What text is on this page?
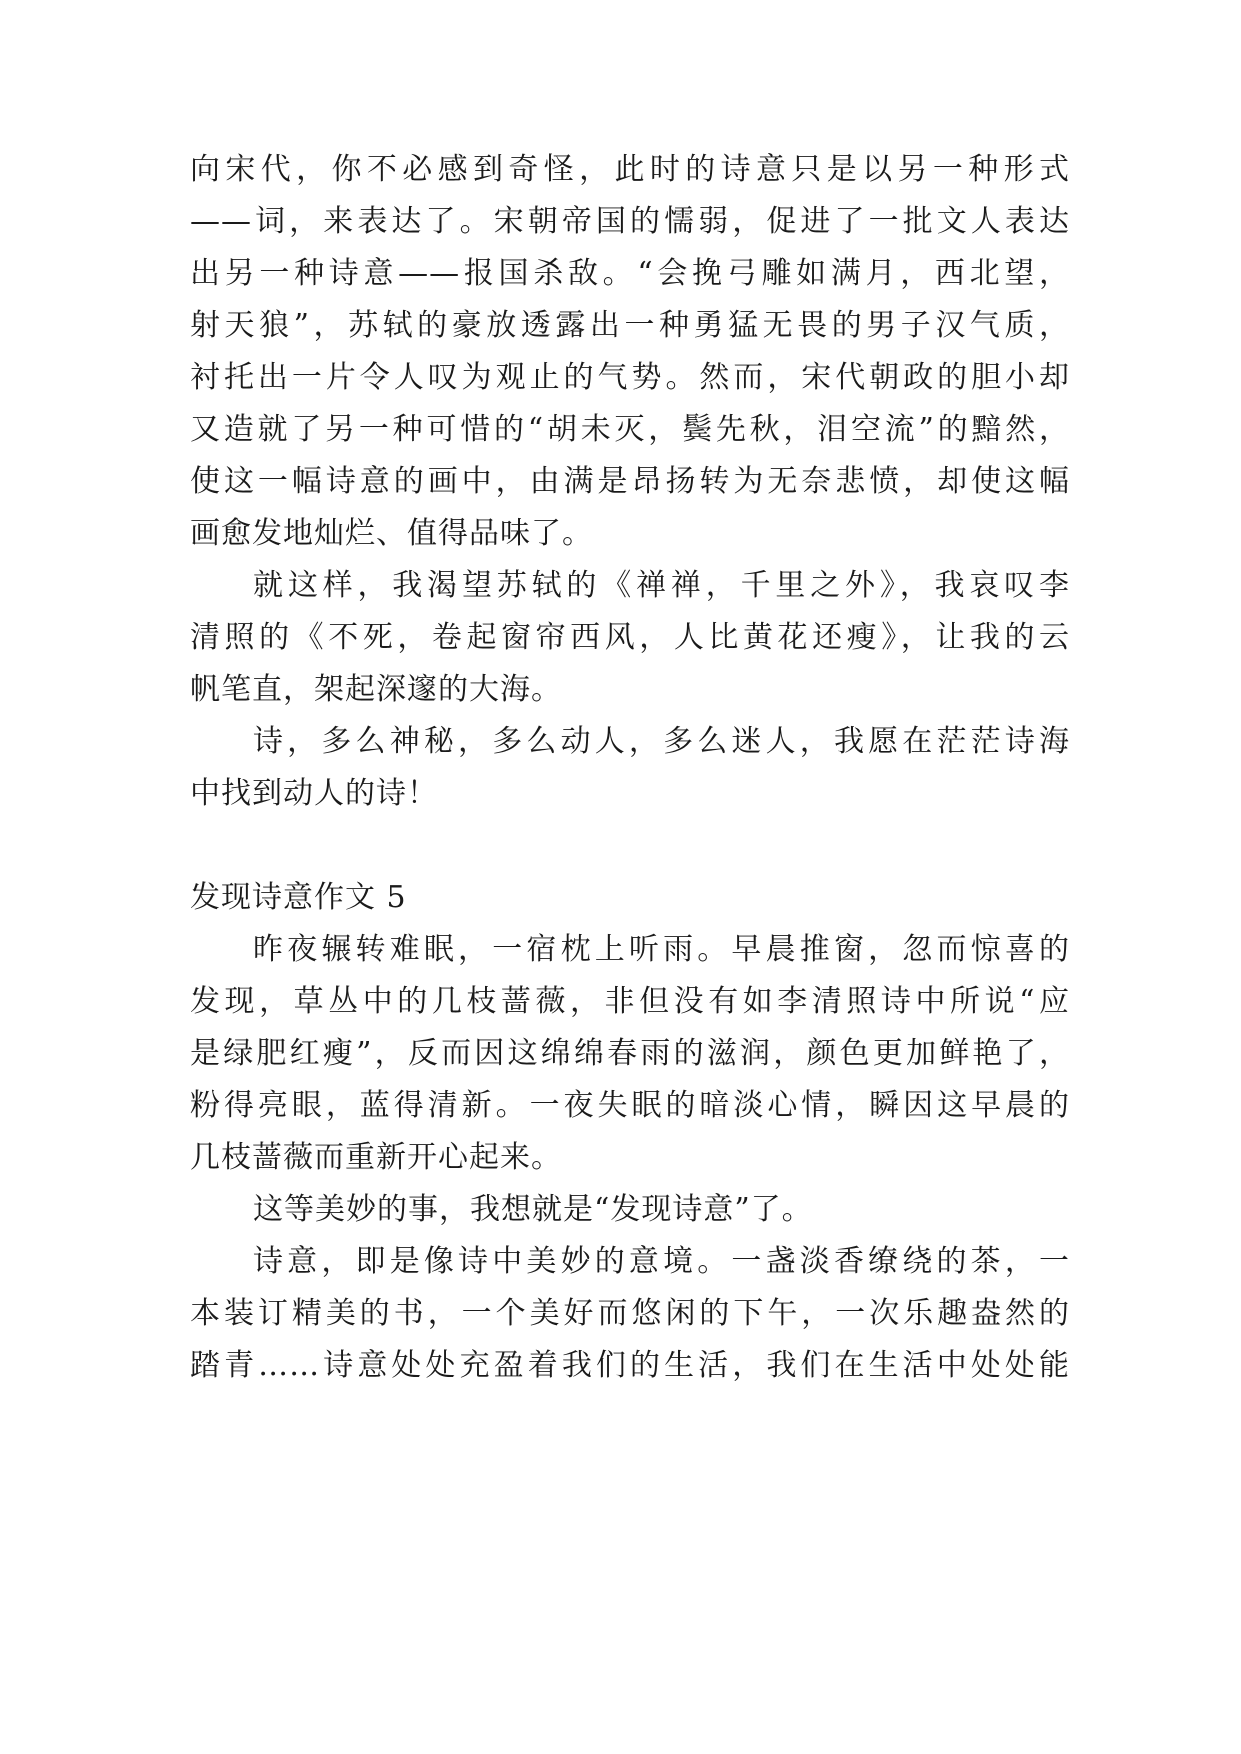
向宋代，你不必感到奇怪，此时的诗意只是以另一种形式
——词，来表达了。宋朝帝国的懦弱，促进了一批文人表达
出另一种诗意——报国杀敌。“会挽弓雕如满月，西北望，
射天狼”，苏轼的豪放透露出一种勇猛无畏的男子汉气质，
衬托出一片令人叹为观止的气势。然而，宋代朝政的胆小却
又造就了另一种可惜的“胡未灭，鬓先秋，泪空流”的黯然，
使这一幅诗意的画中，由满是昂扬转为无奈悲愤，却使这幅
画愈发地灿烂、值得品味了。
就这样，我渴望苏轼的《禅禅，千里之外》，我哀叹李
清照的《不死，卷起窗帘西风，人比黄花还瘦》，让我的云
帆笔直，架起深邃的大海。
诗，多么神秘，多么动人，多么迷人，我愿在茫茫诗海
中找到动人的诗！
发现诗意作文 5
昨夜辗转难眠，一宿枕上听雨。早晨推窗，忽而惊喜的
发现，草丛中的几枝蔷薇，非但没有如李清照诗中所说“应
是绿肥红瘦”，反而因这绵绵春雨的滋润，颜色更加鲜艳了，
粉得亮眼，蓝得清新。一夜失眠的暗淡心情，瞬因这早晨的
几枝蔷薇而重新开心起来。
这等美妙的事，我想就是“发现诗意”了。
诗意，即是像诗中美妙的意境。一盏淡香缭绕的茶，一
本装订精美的书，一个美好而悠闲的下午，一次乐趣盎然的
踏青……诗意处处充盈着我们的生活，我们在生活中处处能
